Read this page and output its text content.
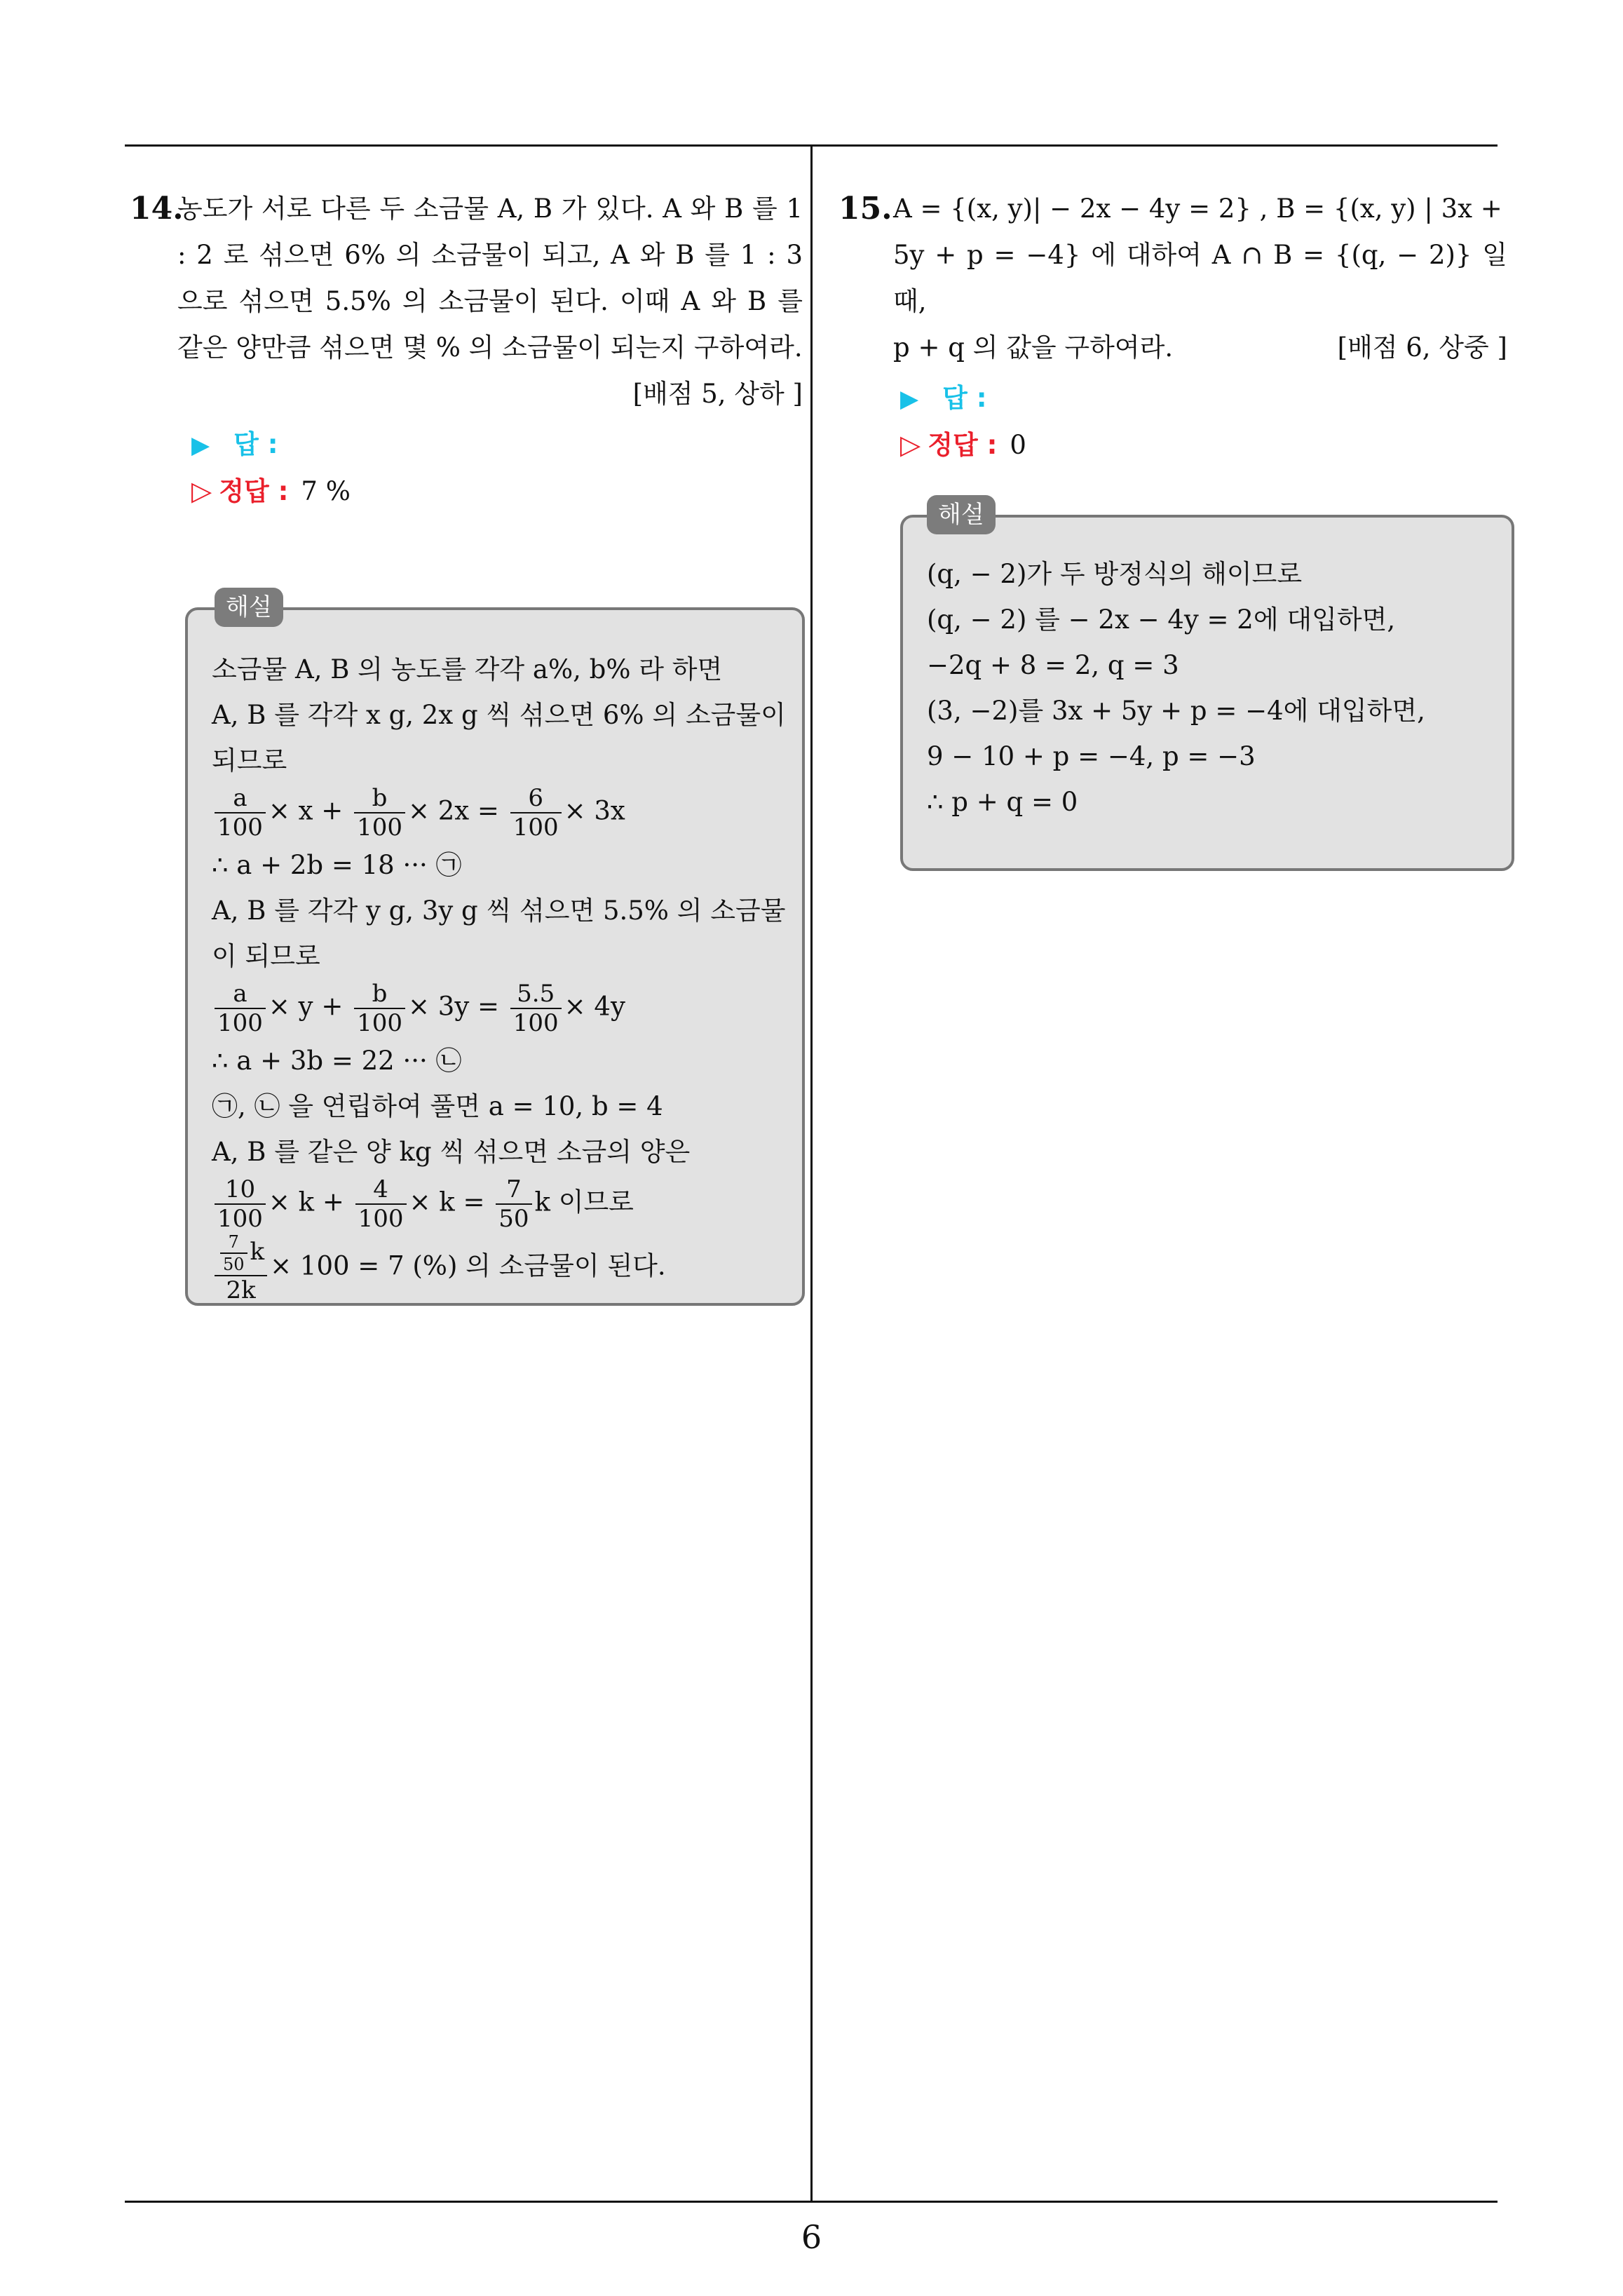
14.
농도가 서로 다른 두 소금물 A, B 가 있다. A 와 B 를 1 : 2 로 섞으면 6% 의 소금물이 되고, A 와 B 를 1 : 3 으로 섞으면 5.5% 의 소금물이 된다. 이때 A 와 B 를 같은 양만큼 섞으면 몇 % 의 소금물이 되는지 구하여라.
[배점 5, 상하 ]
▶ 답 :
▷ 정답 : 7 %
해설
소금물 A, B 의 농도를 각각 a%, b% 라 하면
A, B 를 각각 x g, 2x g 씩 섞으면 6% 의 소금물이
되므로
$\frac{a}{100} \times x + \frac{b}{100} \times 2x = \frac{6}{100} \times 3x$
∴ a + 2b = 18 ··· ㉠
A, B 를 각각 y g, 3y g 씩 섞으면 5.5% 의 소금물
이 되므로
$\frac{a}{100} \times y + \frac{b}{100} \times 3y = \frac{5.5}{100} \times 4y$
∴ a + 3b = 22 ··· ㉡
㉠, ㉡ 을 연립하여 풀면 a = 10, b = 4
A, B 를 같은 양 kg 씩 섞으면 소금의 양은
$\frac{10}{100} \times k + \frac{4}{100} \times k = \frac{7}{50}$ k 이므로
$\frac{\frac{7}{50} k}{2k} \times 100 = 7$ (%) 의 소금물이 된다.
15. A = {(x, y)| − 2x − 4y = 2} , B = {(x, y) | 3x +
5y + p = −4} 에 대하여 A ∩ B = {(q, − 2)} 일 때,
p + q 의 값을 구하여라.	[배점 6, 상중 ]
▶ 답 :
▷ 정답 : 0
해설
(q, − 2)가 두 방정식의 해이므로
(q, − 2) 를 − 2x − 4y = 2에 대입하면,
−2q + 8 = 2, q = 3
(3, −2)를 3x + 5y + p = −4에 대입하면,
9 − 10 + p = −4, p = −3
∴ p + q = 0
6
